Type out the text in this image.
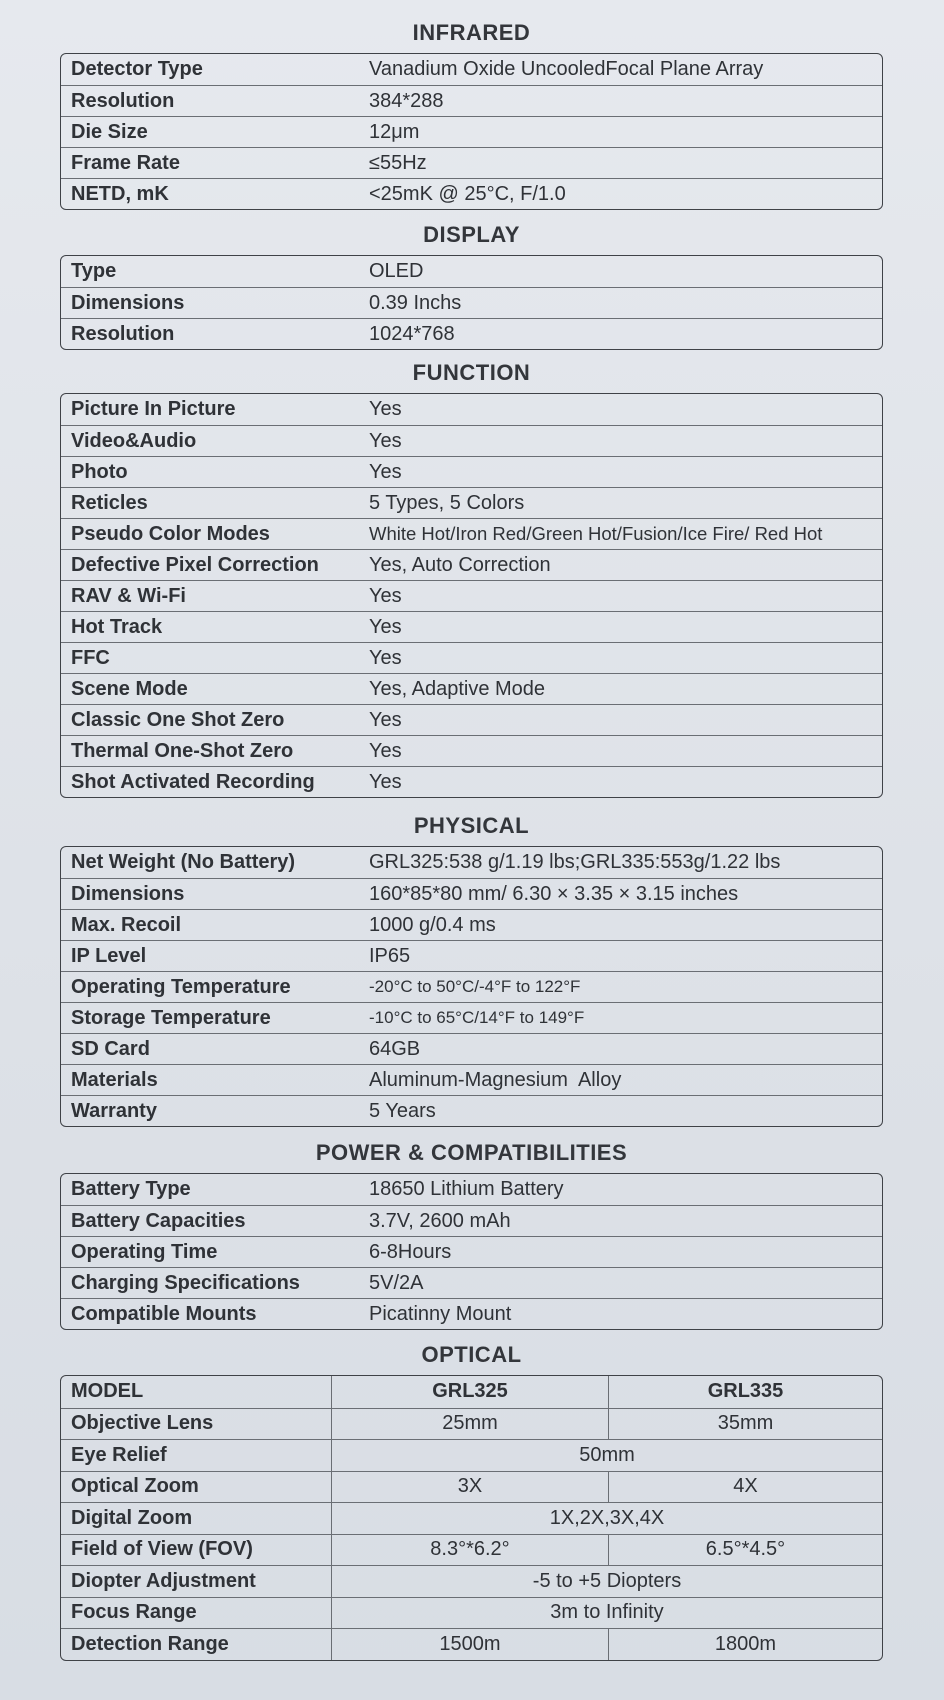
INFRARED
Detector Type	Vanadium Oxide UncooledFocal Plane Array
Resolution	384*288
Die Size	12μm
Frame Rate	≤55Hz
NETD, mK	<25mK @ 25°C, F/1.0
DISPLAY
Type	OLED
Dimensions	0.39 Inchs
Resolution	1024*768
FUNCTION
Picture In Picture	Yes
Video&Audio	Yes
Photo	Yes
Reticles	5 Types, 5 Colors
Pseudo Color Modes	White Hot/Iron Red/Green Hot/Fusion/Ice Fire/ Red Hot
Defective Pixel Correction	Yes, Auto Correction
RAV & Wi-Fi	Yes
Hot Track	Yes
FFC	Yes
Scene Mode	Yes, Adaptive Mode
Classic One Shot Zero	Yes
Thermal One-Shot Zero	Yes
Shot Activated Recording	Yes
PHYSICAL
Net Weight (No Battery)	GRL325:538 g/1.19 lbs;GRL335:553g/1.22 lbs
Dimensions	160*85*80 mm/ 6.30 × 3.35 × 3.15 inches
Max. Recoil	1000 g/0.4 ms
IP Level	IP65
Operating Temperature	-20°C to 50°C/-4°F to 122°F
Storage Temperature	-10°C to 65°C/14°F to 149°F
SD Card	64GB
Materials	Aluminum-Magnesium  Alloy
Warranty	5 Years
POWER & COMPATIBILITIES
Battery Type	18650 Lithium Battery
Battery Capacities	3.7V, 2600 mAh
Operating Time	6-8Hours
Charging Specifications	5V/2A
Compatible Mounts	Picatinny Mount
OPTICAL
MODEL	GRL325	GRL335
Objective Lens	25mm	35mm
Eye Relief	50mm
Optical Zoom	3X	4X
Digital Zoom	1X,2X,3X,4X
Field of View (FOV)	8.3°*6.2°	6.5°*4.5°
Diopter Adjustment	-5 to +5 Diopters
Focus Range	3m to Infinity
Detection Range	1500m	1800m
